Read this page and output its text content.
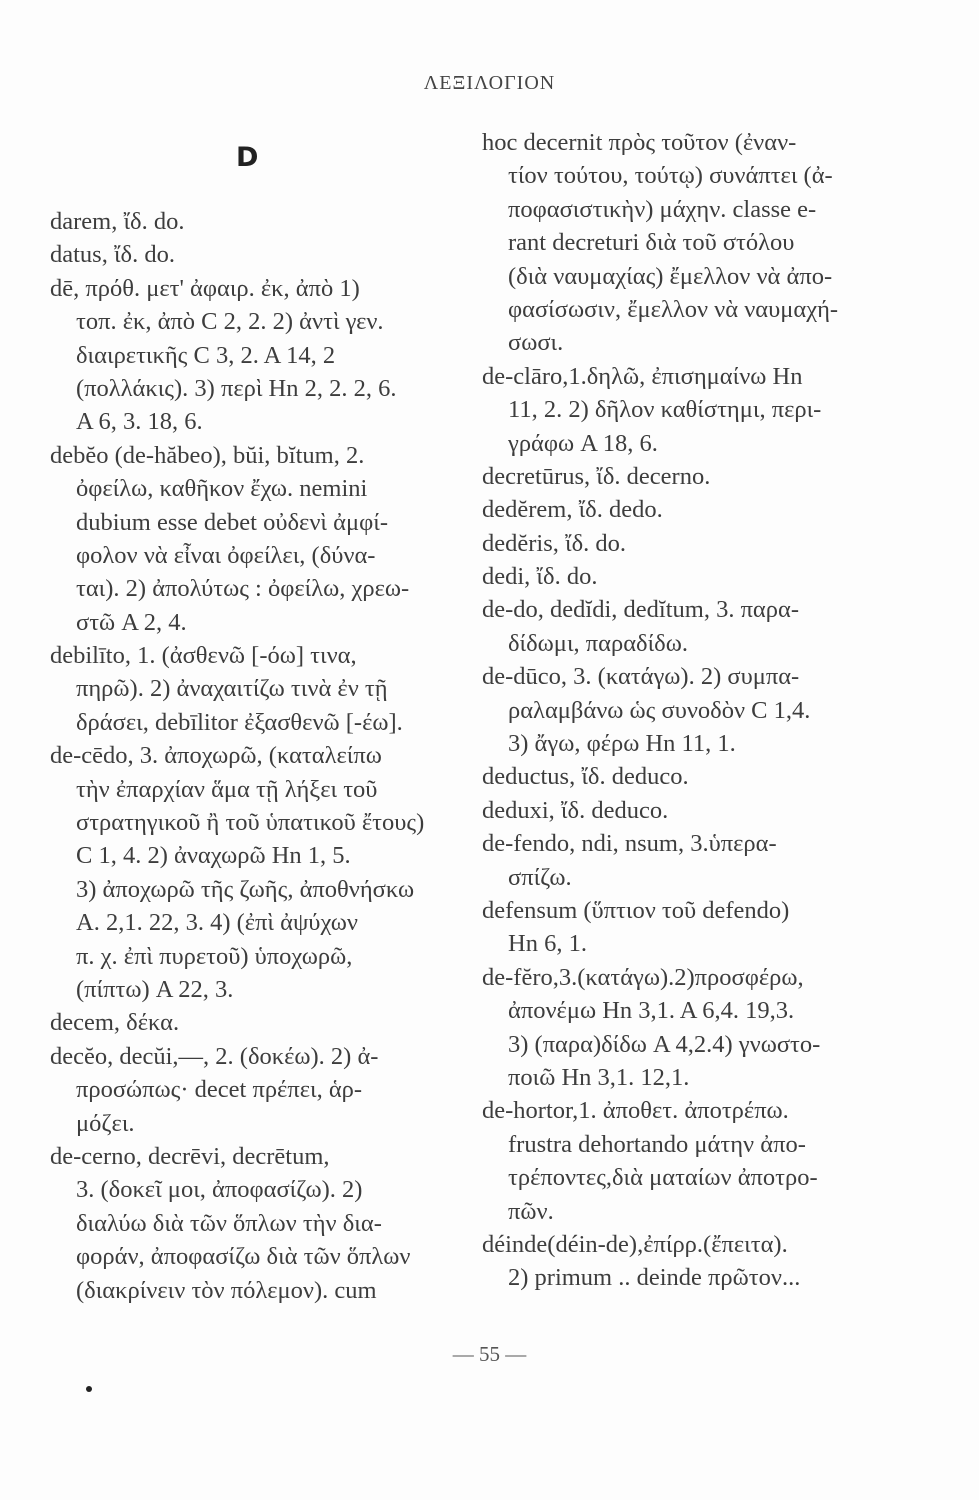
ΛΕΞΙΛΟΓΙΟΝ
D
darem, ἴδ. do.
datus, ἴδ. do.
dē, πρόθ. μετ' ἀφαιρ. ἐκ, ἀπὸ 1)
τοπ. ἐκ, ἀπὸ C 2, 2. 2) ἀντὶ γεν.
διαιρετικῆς C 3, 2. A 14, 2
(πολλάκις). 3) περὶ Hn 2, 2. 2, 6.
A 6, 3. 18, 6.
debĕo (de-hăbeo), bŭi, bĭtum, 2.
ὀφείλω, καθῆκον ἔχω. nemini
dubium esse debet οὐδενὶ ἀμφί-
φολον νὰ εἶναι ὀφείλει, (δύνα-
ται). 2) ἀπολύτως : ὀφείλω, χρεω-
στῶ A 2, 4.
debilīto, 1. (ἀσθενῶ [-όω] τινα,
πηρῶ). 2) ἀναχαιτίζω τινὰ ἐν τῇ
δράσει, debīlitor ἐξασθενῶ [-έω].
de-cēdo, 3. ἀποχωρῶ, (καταλείπω
τὴν ἐπαρχίαν ἅμα τῇ λήξει τοῦ
στρατηγικοῦ ἢ τοῦ ὑπατικοῦ ἔτους)
C 1, 4. 2) ἀναχωρῶ Hn 1, 5.
3) ἀποχωρῶ τῆς ζωῆς, ἀποθνήσκω
A. 2,1. 22, 3. 4) (ἐπὶ ἀψύχων
π. χ. ἐπὶ πυρετοῦ) ὑποχωρῶ,
(πίπτω) A 22, 3.
decem, δέκα.
decĕo, decŭi,—, 2. (δοκέω). 2) ἀ-
πρoσώπως· decet πρέπει, ἁρ-
μόζει.
de-cerno, decrēvi, decrētum,
3. (δοκεῖ μοι, ἀποφασίζω). 2)
διαλύω διὰ τῶν ὅπλων τὴν δια-
φοράν, ἀποφασίζω διὰ τῶν ὅπλων
(διακρίνειν τὸν πόλεμον). cum
hoc decernit πρὸς τοῦτον (ἐναν-
τίον τούτου, τούτῳ) συνάπτει (ἀ-
ποφασιστικὴν) μάχην. classe e-
rant decreturi διὰ τοῦ στόλου
(διὰ ναυμαχίας) ἔμελλον νὰ ἀπο-
φασίσωσιν, ἔμελλον νὰ ναυμαχή-
σωσι.
de-clāro,1.δηλῶ, ἐπισημαίνω Hn
11, 2. 2) δῆλον καθίστημι, περι-
γράφω A 18, 6.
decretūrus, ἴδ. decerno.
dedĕrem, ἴδ. dedo.
dedĕris, ἴδ. do.
dedi, ἴδ. do.
de-do, dedĭdi, dedĭtum, 3. παρα-
δίδωμι, παραδίδω.
de-dūco, 3. (κατάγω). 2) συμπα-
ραλαμβάνω ὡς συνοδὸν C 1,4.
3) ἄγω, φέρω Hn 11, 1.
deductus, ἴδ. deduco.
deduxi, ἴδ. deduco.
de-fendo, ndi, nsum, 3.ὑπερα-
σπίζω.
defensum (ὕπτιον τοῦ defendo)
Hn 6, 1.
de-fĕro,3.(κατάγω).2)προσφέρω,
ἀπονέμω Hn 3,1. A 6,4. 19,3.
3) (παρα)δίδω A 4,2.4) γνωστο-
ποιῶ Hn 3,1. 12,1.
de-hortor,1. ἀποθετ. ἀποτρέπω.
frustra dehortando μάτην ἀπο-
τρέποντες,διὰ ματαίων ἀποτρο-
πῶν.
déinde(déin-de),ἐπίρρ.(ἔπειτα).
2) primum .. deinde πρῶτον...
— 55 —
